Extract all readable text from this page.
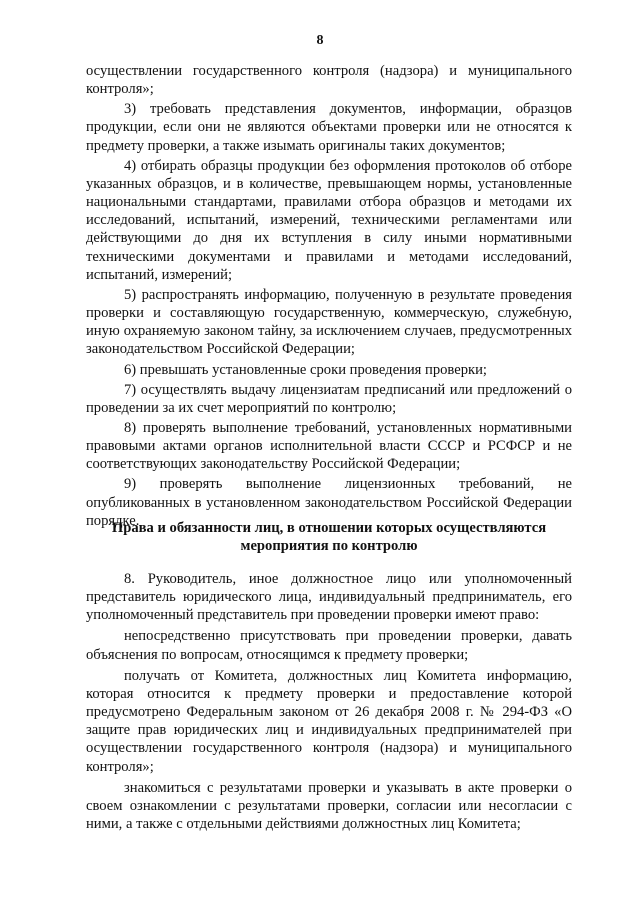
8

осуществлении государственного контроля (надзора) и муниципального контроля»;

3) требовать представления документов, информации, образцов продукции, если они не являются объектами проверки или не относятся к предмету проверки, а также изымать оригиналы таких документов;

4) отбирать образцы продукции без оформления протоколов об отборе указанных образцов, и в количестве, превышающем нормы, установленные национальными стандартами, правилами отбора образцов и методами их исследований, испытаний, измерений, техническими регламентами или действующими до дня их вступления в силу иными нормативными техническими документами и правилами и методами исследований, испытаний, измерений;

5) распространять информацию, полученную в результате проведения проверки и составляющую государственную, коммерческую, служебную, иную охраняемую законом тайну, за исключением случаев, предусмотренных законодательством Российской Федерации;

6) превышать установленные сроки проведения проверки;

7) осуществлять выдачу лицензиатам предписаний или предложений о проведении за их счет мероприятий по контролю;

8) проверять выполнение требований, установленных нормативными правовыми актами органов исполнительной власти СССР и РСФСР и не соответствующих законодательству Российской Федерации;

9) проверять выполнение лицензионных требований, не опубликованных в установленном законодательством Российской Федерации порядке.

Права и обязанности лиц, в отношении которых осуществляются
мероприятия по контролю

8. Руководитель, иное должностное лицо или уполномоченный представитель юридического лица, индивидуальный предприниматель, его уполномоченный представитель при проведении проверки имеют право:

непосредственно присутствовать при проведении проверки, давать объяснения по вопросам, относящимся к предмету проверки;

получать от Комитета, должностных лиц Комитета информацию, которая относится к предмету проверки и предоставление которой предусмотрено Федеральным законом от 26 декабря 2008 г. № 294-ФЗ «О защите прав юридических лиц и индивидуальных предпринимателей при осуществлении государственного контроля (надзора) и муниципального контроля»;

знакомиться с результатами проверки и указывать в акте проверки о своем ознакомлении с результатами проверки, согласии или несогласии с ними, а также с отдельными действиями должностных лиц Комитета;
